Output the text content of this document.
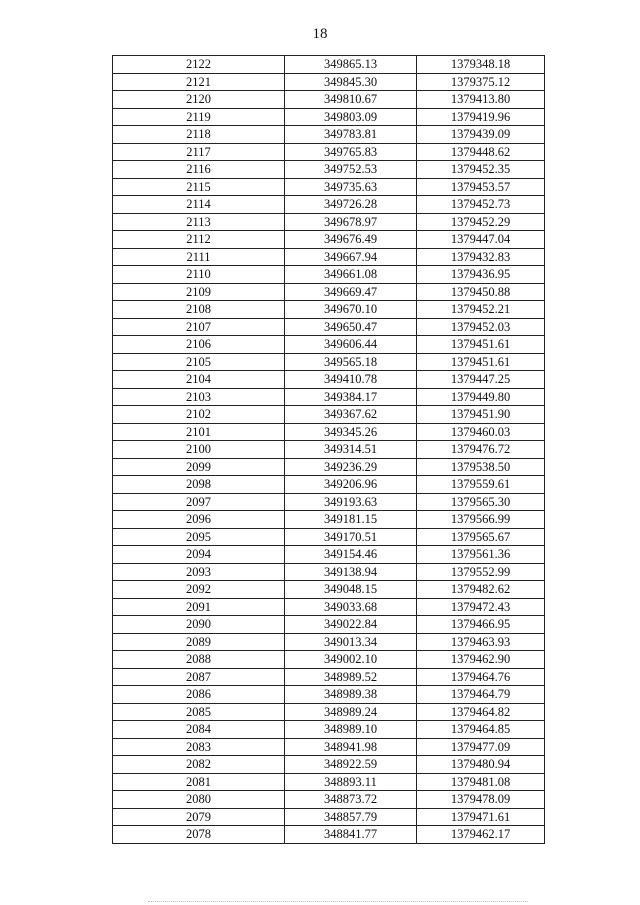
18
2122	349865.13	1379348.18
2121	349845.30	1379375.12
2120	349810.67	1379413.80
2119	349803.09	1379419.96
2118	349783.81	1379439.09
2117	349765.83	1379448.62
2116	349752.53	1379452.35
2115	349735.63	1379453.57
2114	349726.28	1379452.73
2113	349678.97	1379452.29
2112	349676.49	1379447.04
2111	349667.94	1379432.83
2110	349661.08	1379436.95
2109	349669.47	1379450.88
2108	349670.10	1379452.21
2107	349650.47	1379452.03
2106	349606.44	1379451.61
2105	349565.18	1379451.61
2104	349410.78	1379447.25
2103	349384.17	1379449.80
2102	349367.62	1379451.90
2101	349345.26	1379460.03
2100	349314.51	1379476.72
2099	349236.29	1379538.50
2098	349206.96	1379559.61
2097	349193.63	1379565.30
2096	349181.15	1379566.99
2095	349170.51	1379565.67
2094	349154.46	1379561.36
2093	349138.94	1379552.99
2092	349048.15	1379482.62
2091	349033.68	1379472.43
2090	349022.84	1379466.95
2089	349013.34	1379463.93
2088	349002.10	1379462.90
2087	348989.52	1379464.76
2086	348989.38	1379464.79
2085	348989.24	1379464.82
2084	348989.10	1379464.85
2083	348941.98	1379477.09
2082	348922.59	1379480.94
2081	348893.11	1379481.08
2080	348873.72	1379478.09
2079	348857.79	1379471.61
2078	348841.77	1379462.17
